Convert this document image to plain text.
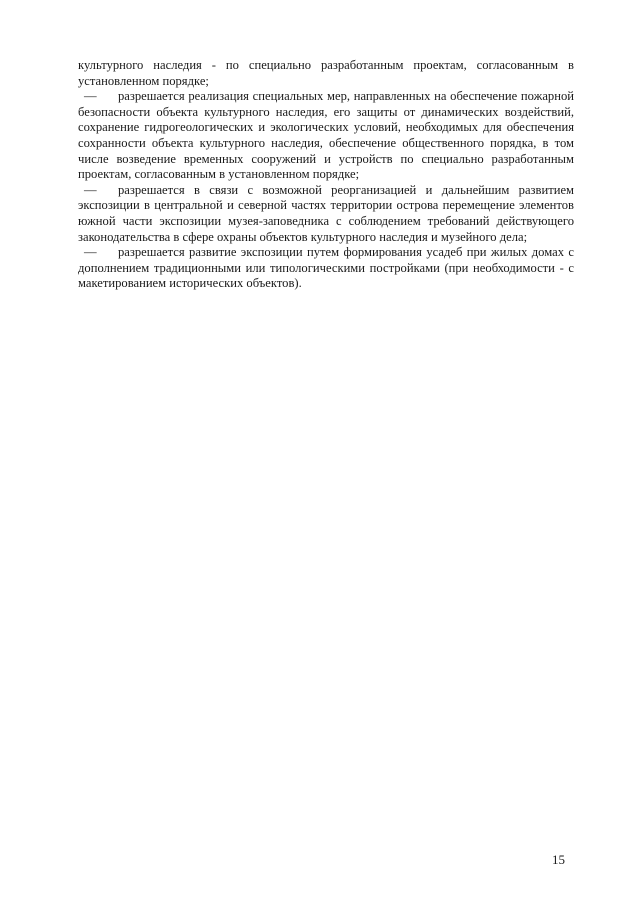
культурного наследия - по специально разработанным проектам, согласованным в установленном порядке;

— разрешается реализация специальных мер, направленных на обеспечение пожарной безопасности объекта культурного наследия, его защиты от динамических воздействий, сохранение гидрогеологических и экологических условий, необходимых для обеспечения сохранности объекта культурного наследия, обеспечение общественного порядка, в том числе возведение временных сооружений и устройств по специально разработанным проектам, согласованным в установленном порядке;

— разрешается в связи с возможной реорганизацией и дальнейшим развитием экспозиции в центральной и северной частях территории острова перемещение элементов южной части экспозиции музея-заповедника с соблюдением требований действующего законодательства в сфере охраны объектов культурного наследия и музейного дела;

— разрешается развитие экспозиции путем формирования усадеб при жилых домах с дополнением традиционными или типологическими постройками (при необходимости - с макетированием исторических объектов).

15
